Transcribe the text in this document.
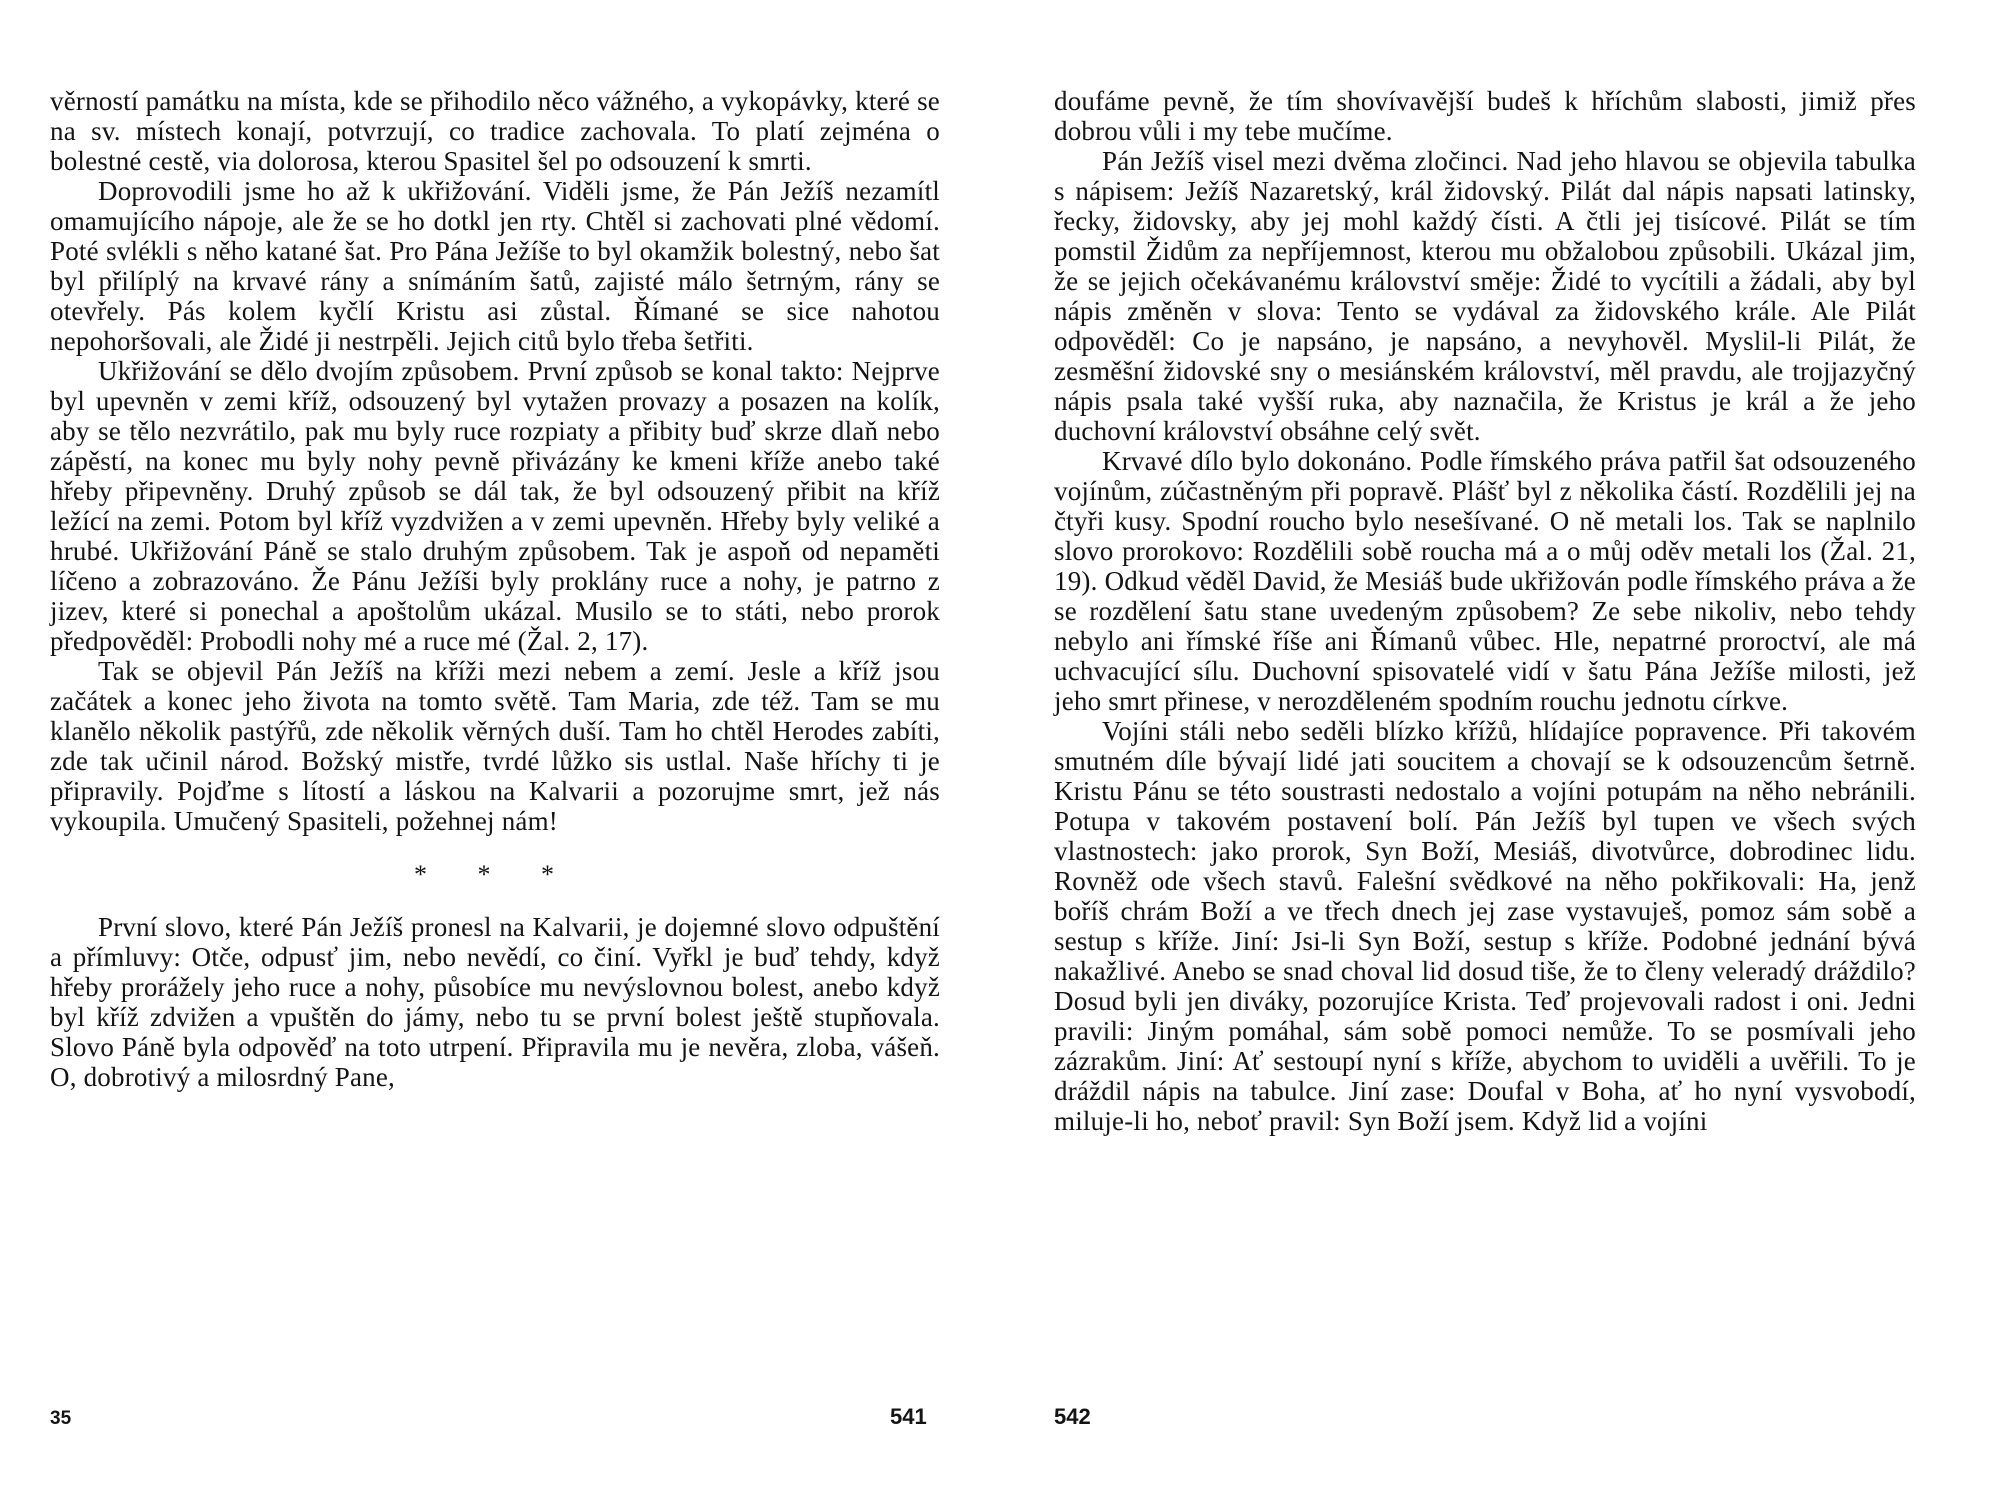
věrností památku na místa, kde se přihodilo něco vážného, a vykopávky, které se na sv. místech konají, potvrzují, co tradice zachovala. To platí zejména o bolestné cestě, via dolorosa, kterou Spasitel šel po odsouzení k smrti.

Doprovodili jsme ho až k ukřižování. Viděli jsme, že Pán Ježíš nezamítl omamujícího nápoje, ale že se ho dotkl jen rty. Chtěl si zachovati plné vědomí. Poté svlékli s něho katané šat. Pro Pána Ježíše to byl okamžik bolestný, nebo šat byl přilíplý na krvavé rány a snímáním šatů, zajisté málo šetrným, rány se otevřely. Pás kolem kyčlí Kristu asi zůstal. Římané se sice nahotou nepohoršovali, ale Židé ji nestrpěli. Jejich citů bylo třeba šetřiti.

Ukřižování se dělo dvojím způsobem. První způsob se konal takto: Nejprve byl upevněn v zemi kříž, odsouzený byl vytažen provazy a posazen na kolík, aby se tělo nezvrátilo, pak mu byly ruce rozpiaty a přibity buď skrze dlaň nebo zápěstí, na konec mu byly nohy pevně přivázány ke kmeni kříže anebo také hřeby připevněny. Druhý způsob se dál tak, že byl odsouzený přibit na kříž ležící na zemi. Potom byl kříž vyzdvižen a v zemi upevněn. Hřeby byly veliké a hrubé. Ukřižování Páně se stalo druhým způsobem. Tak je aspoň od nepaměti líčeno a zobrazováno. Že Pánu Ježíši byly proklány ruce a nohy, je patrno z jizev, které si ponechal a apoštolům ukázal. Musilo se to státi, nebo prorok předpověděl: Probodli nohy mé a ruce mé (Žal. 2, 17).

Tak se objevil Pán Ježíš na kříži mezi nebem a zemí. Jesle a kříž jsou začátek a konec jeho života na tomto světě. Tam Maria, zde též. Tam se mu klanělo několik pastýřů, zde několik věrných duší. Tam ho chtěl Herodes zabíti, zde tak učinil národ. Božský mistře, tvrdé lůžko sis ustlal. Naše hříchy ti je připravily. Pojďme s lítostí a láskou na Kalvarii a pozorujme smrt, jež nás vykoupila. Umučený Spasiteli, požehnej nám!

* * *

První slovo, které Pán Ježíš pronesl na Kalvarii, je dojemné slovo odpuštění a přímluvy: Otče, odpusť jim, nebo nevědí, co činí. Vyřkl je buď tehdy, když hřeby prorážely jeho ruce a nohy, působíce mu nevýslovnou bolest, anebo když byl kříž zdvižen a vpuštěn do jámy, nebo tu se první bolest ještě stupňovala. Slovo Páně byla odpověď na toto utrpení. Připravila mu je nevěra, zloba, vášeň. O, dobrotivý a milosrdný Pane,

35	541

doufáme pevně, že tím shovívavější budeš k hříchům slabosti, jimiž přes dobrou vůli i my tebe mučíme.

Pán Ježíš visel mezi dvěma zločinci. Nad jeho hlavou se objevila tabulka s nápisem: Ježíš Nazaretský, král židovský. Pilát dal nápis napsati latinsky, řecky, židovsky, aby jej mohl každý čísti. A čtli jej tisícové. Pilát se tím pomstil Židům za nepříjemnost, kterou mu obžalobou způsobili. Ukázal jim, že se jejich očekávanému království směje: Židé to vycítili a žádali, aby byl nápis změněn v slova: Tento se vydával za židovského krále. Ale Pilát odpověděl: Co je napsáno, je napsáno, a nevyhověl. Myslil-li Pilát, že zesměšní židovské sny o mesiánském království, měl pravdu, ale trojjazyčný nápis psala také vyšší ruka, aby naznačila, že Kristus je král a že jeho duchovní království obsáhne celý svět.

Krvavé dílo bylo dokonáno. Podle římského práva patřil šat odsouzeného vojínům, zúčastněným při popravě. Plášť byl z několika částí. Rozdělili jej na čtyři kusy. Spodní roucho bylo nesešívané. O ně metali los. Tak se naplnilo slovo prorokovo: Rozdělili sobě roucha má a o můj oděv metali los (Žal. 21, 19). Odkud věděl David, že Mesiáš bude ukřižován podle římského práva a že se rozdělení šatu stane uvedeným způsobem? Ze sebe nikoliv, nebo tehdy nebylo ani římské říše ani Římanů vůbec. Hle, nepatrné proroctví, ale má uchvacující sílu. Duchovní spisovatelé vidí v šatu Pána Ježíše milosti, jež jeho smrt přinese, v nerozděleném spodním rouchu jednotu církve.

Vojíni stáli nebo seděli blízko křížů, hlídajíce popravence. Při takovém smutném díle bývají lidé jati soucitem a chovají se k odsouzencům šetrně. Kristu Pánu se této soustrasti nedostalo a vojíni potupám na něho nebránili. Potupa v takovém postavení bolí. Pán Ježíš byl tupen ve všech svých vlastnostech: jako prorok, Syn Boží, Mesiáš, divotvůrce, dobrodinec lidu. Rovněž ode všech stavů. Falešní svědkové na něho pokřikovali: Ha, jenž boříš chrám Boží a ve třech dnech jej zase vystavuješ, pomoz sám sobě a sestup s kříže. Jiní: Jsi-li Syn Boží, sestup s kříže. Podobné jednání bývá nakažlivé. Anebo se snad choval lid dosud tiše, že to členy veleradý dráždilo? Dosud byli jen diváky, pozorujíce Krista. Teď projevovali radost i oni. Jedni pravili: Jiným pomáhal, sám sobě pomoci nemůže. To se posmívali jeho zázrakům. Jiní: Ať sestoupí nyní s kříže, abychom to uviděli a uvěřili. To je dráždil nápis na tabulce. Jiní zase: Doufal v Boha, ať ho nyní vysvobodí, miluje-li ho, neboť pravil: Syn Boží jsem. Když lid a vojíni

542
